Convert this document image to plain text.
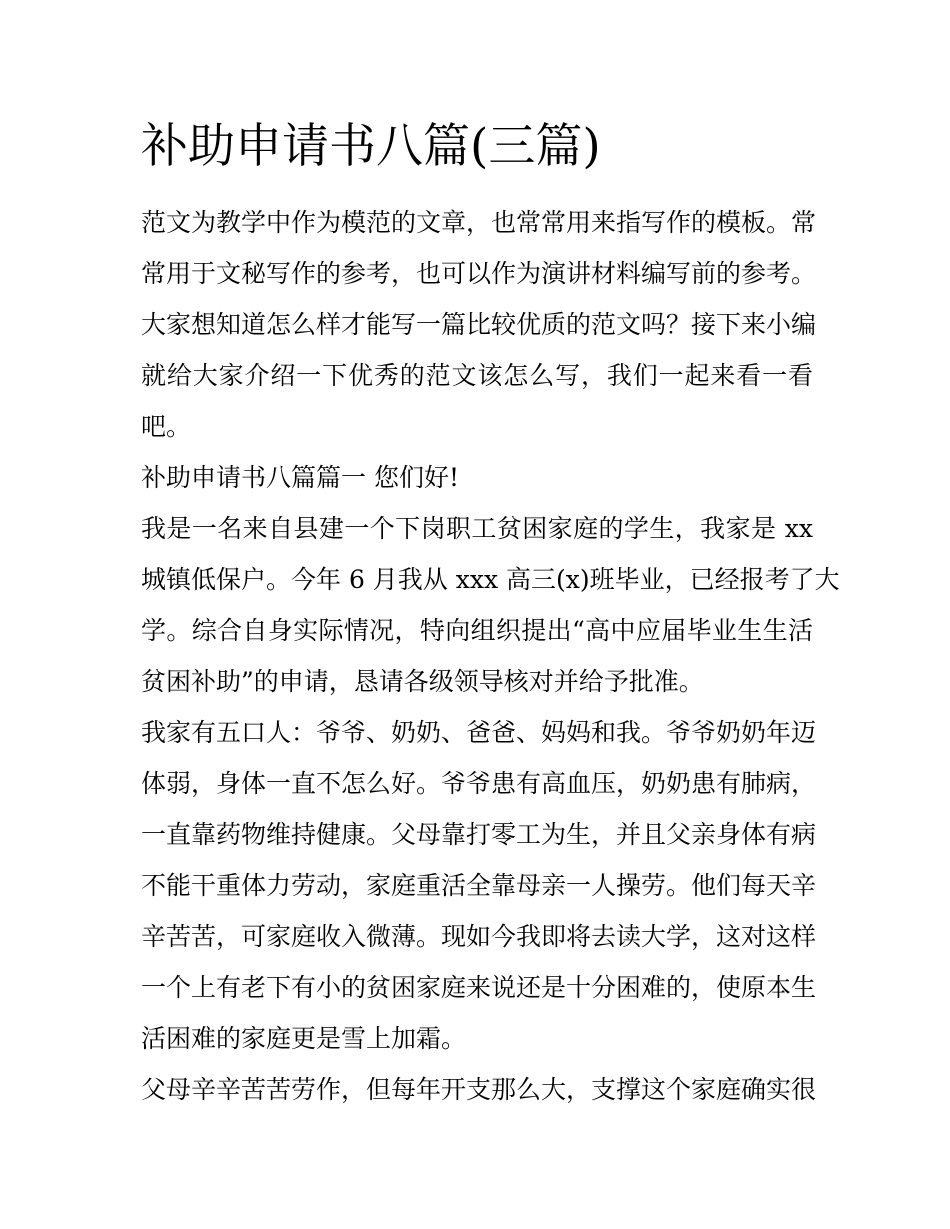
补助申请书八篇(三篇)
范文为教学中作为模范的文章，也常常用来指写作的模板。常
常用于文秘写作的参考，也可以作为演讲材料编写前的参考。
大家想知道怎么样才能写一篇比较优质的范文吗？接下来小编
就给大家介绍一下优秀的范文该怎么写，我们一起来看一看
吧。
补助申请书八篇篇一 您们好!
我是一名来自县建一个下岗职工贫困家庭的学生，我家是 xx
城镇低保户。今年 6 月我从 xxx 高三(x)班毕业，已经报考了大
学。综合自身实际情况，特向组织提出“高中应届毕业生生活
贫困补助”的申请，恳请各级领导核对并给予批准。
我家有五口人：爷爷、奶奶、爸爸、妈妈和我。爷爷奶奶年迈
体弱，身体一直不怎么好。爷爷患有高血压，奶奶患有肺病，
一直靠药物维持健康。父母靠打零工为生，并且父亲身体有病
不能干重体力劳动，家庭重活全靠母亲一人操劳。他们每天辛
辛苦苦，可家庭收入微薄。现如今我即将去读大学，这对这样
一个上有老下有小的贫困家庭来说还是十分困难的，使原本生
活困难的家庭更是雪上加霜。
父母辛辛苦苦劳作，但每年开支那么大，支撑这个家庭确实很
